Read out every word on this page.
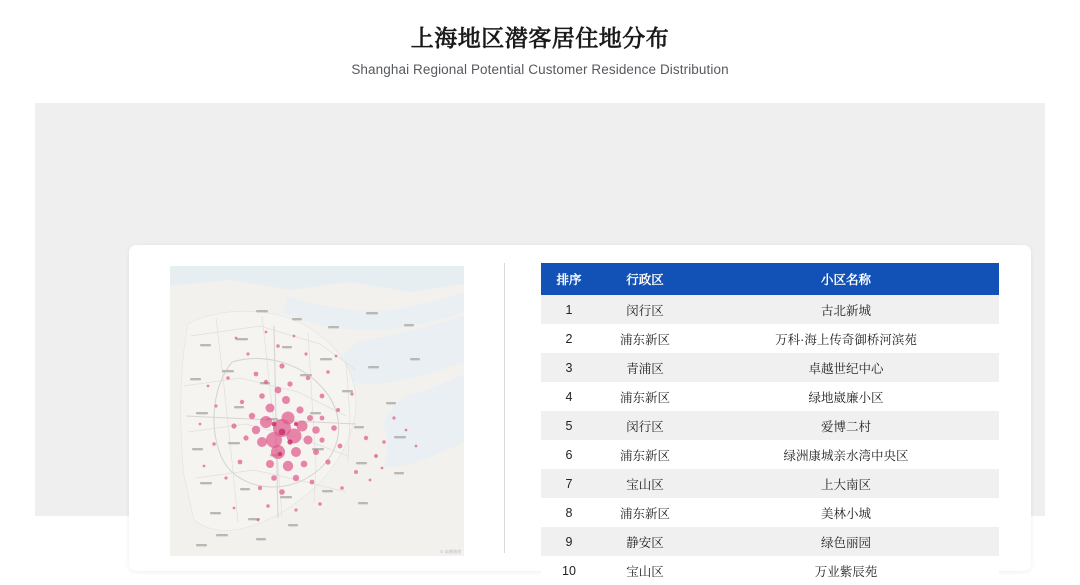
上海地区潜客居住地分布
Shanghai Regional Potential Customer Residence Distribution
© 高德地图
排序	行政区	小区名称
1	闵行区	古北新城
2	浦东新区	万科·海上传奇御桥河滨苑
3	青浦区	卓越世纪中心
4	浦东新区	绿地崴廉小区
5	闵行区	爱博二村
6	浦东新区	绿洲康城亲水湾中央区
7	宝山区	上大南区
8	浦东新区	美林小城
9	静安区	绿色丽园
10	宝山区	万业紫辰苑
